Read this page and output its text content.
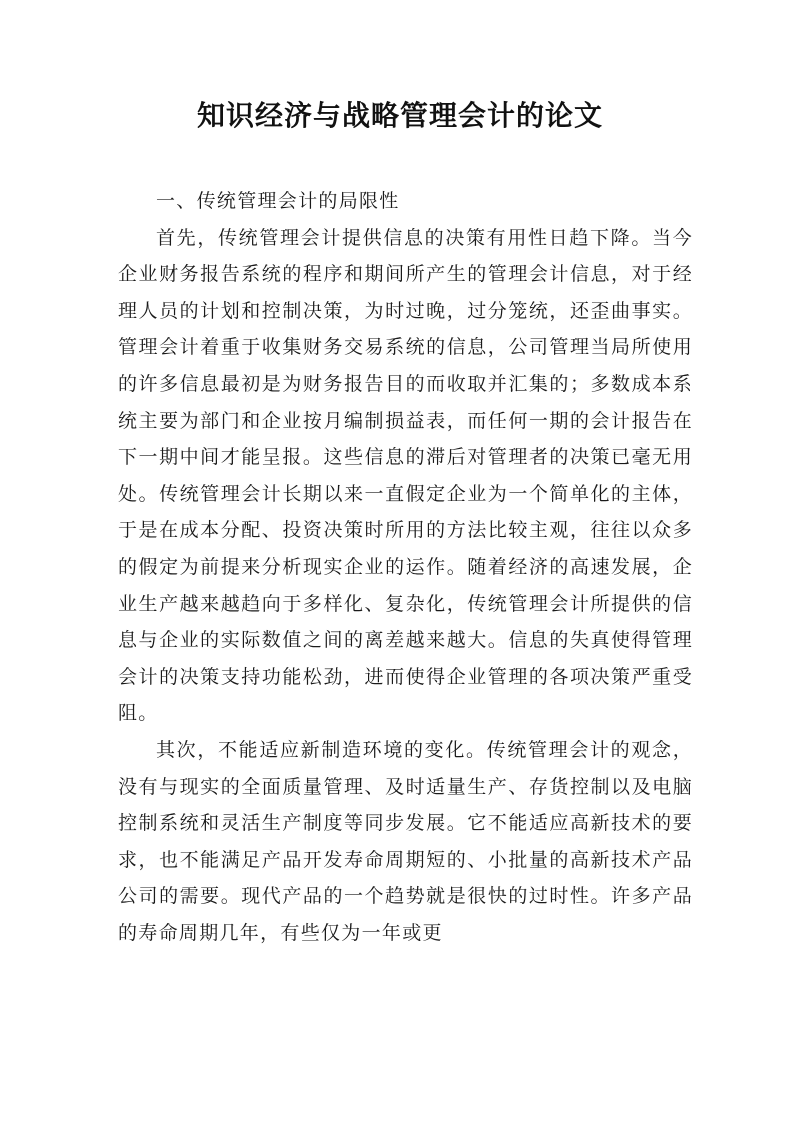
知识经济与战略管理会计的论文

一、传统管理会计的局限性

首先，传统管理会计提供信息的决策有用性日趋下降。当今企业财务报告系统的程序和期间所产生的管理会计信息，对于经理人员的计划和控制决策，为时过晚，过分笼统，还歪曲事实。管理会计着重于收集财务交易系统的信息，公司管理当局所使用的许多信息最初是为财务报告目的而收取并汇集的；多数成本系统主要为部门和企业按月编制损益表，而任何一期的会计报告在下一期中间才能呈报。这些信息的滞后对管理者的决策已毫无用处。传统管理会计长期以来一直假定企业为一个简单化的主体，于是在成本分配、投资决策时所用的方法比较主观，往往以众多的假定为前提来分析现实企业的运作。随着经济的高速发展，企业生产越来越趋向于多样化、复杂化，传统管理会计所提供的信息与企业的实际数值之间的离差越来越大。信息的失真使得管理会计的决策支持功能松劲，进而使得企业管理的各项决策严重受阻。

其次，不能适应新制造环境的变化。传统管理会计的观念，没有与现实的全面质量管理、及时适量生产、存货控制以及电脑控制系统和灵活生产制度等同步发展。它不能适应高新技术的要求，也不能满足产品开发寿命周期短的、小批量的高新技术产品公司的需要。现代产品的一个趋势就是很快的过时性。许多产品的寿命周期几年，有些仅为一年或更
